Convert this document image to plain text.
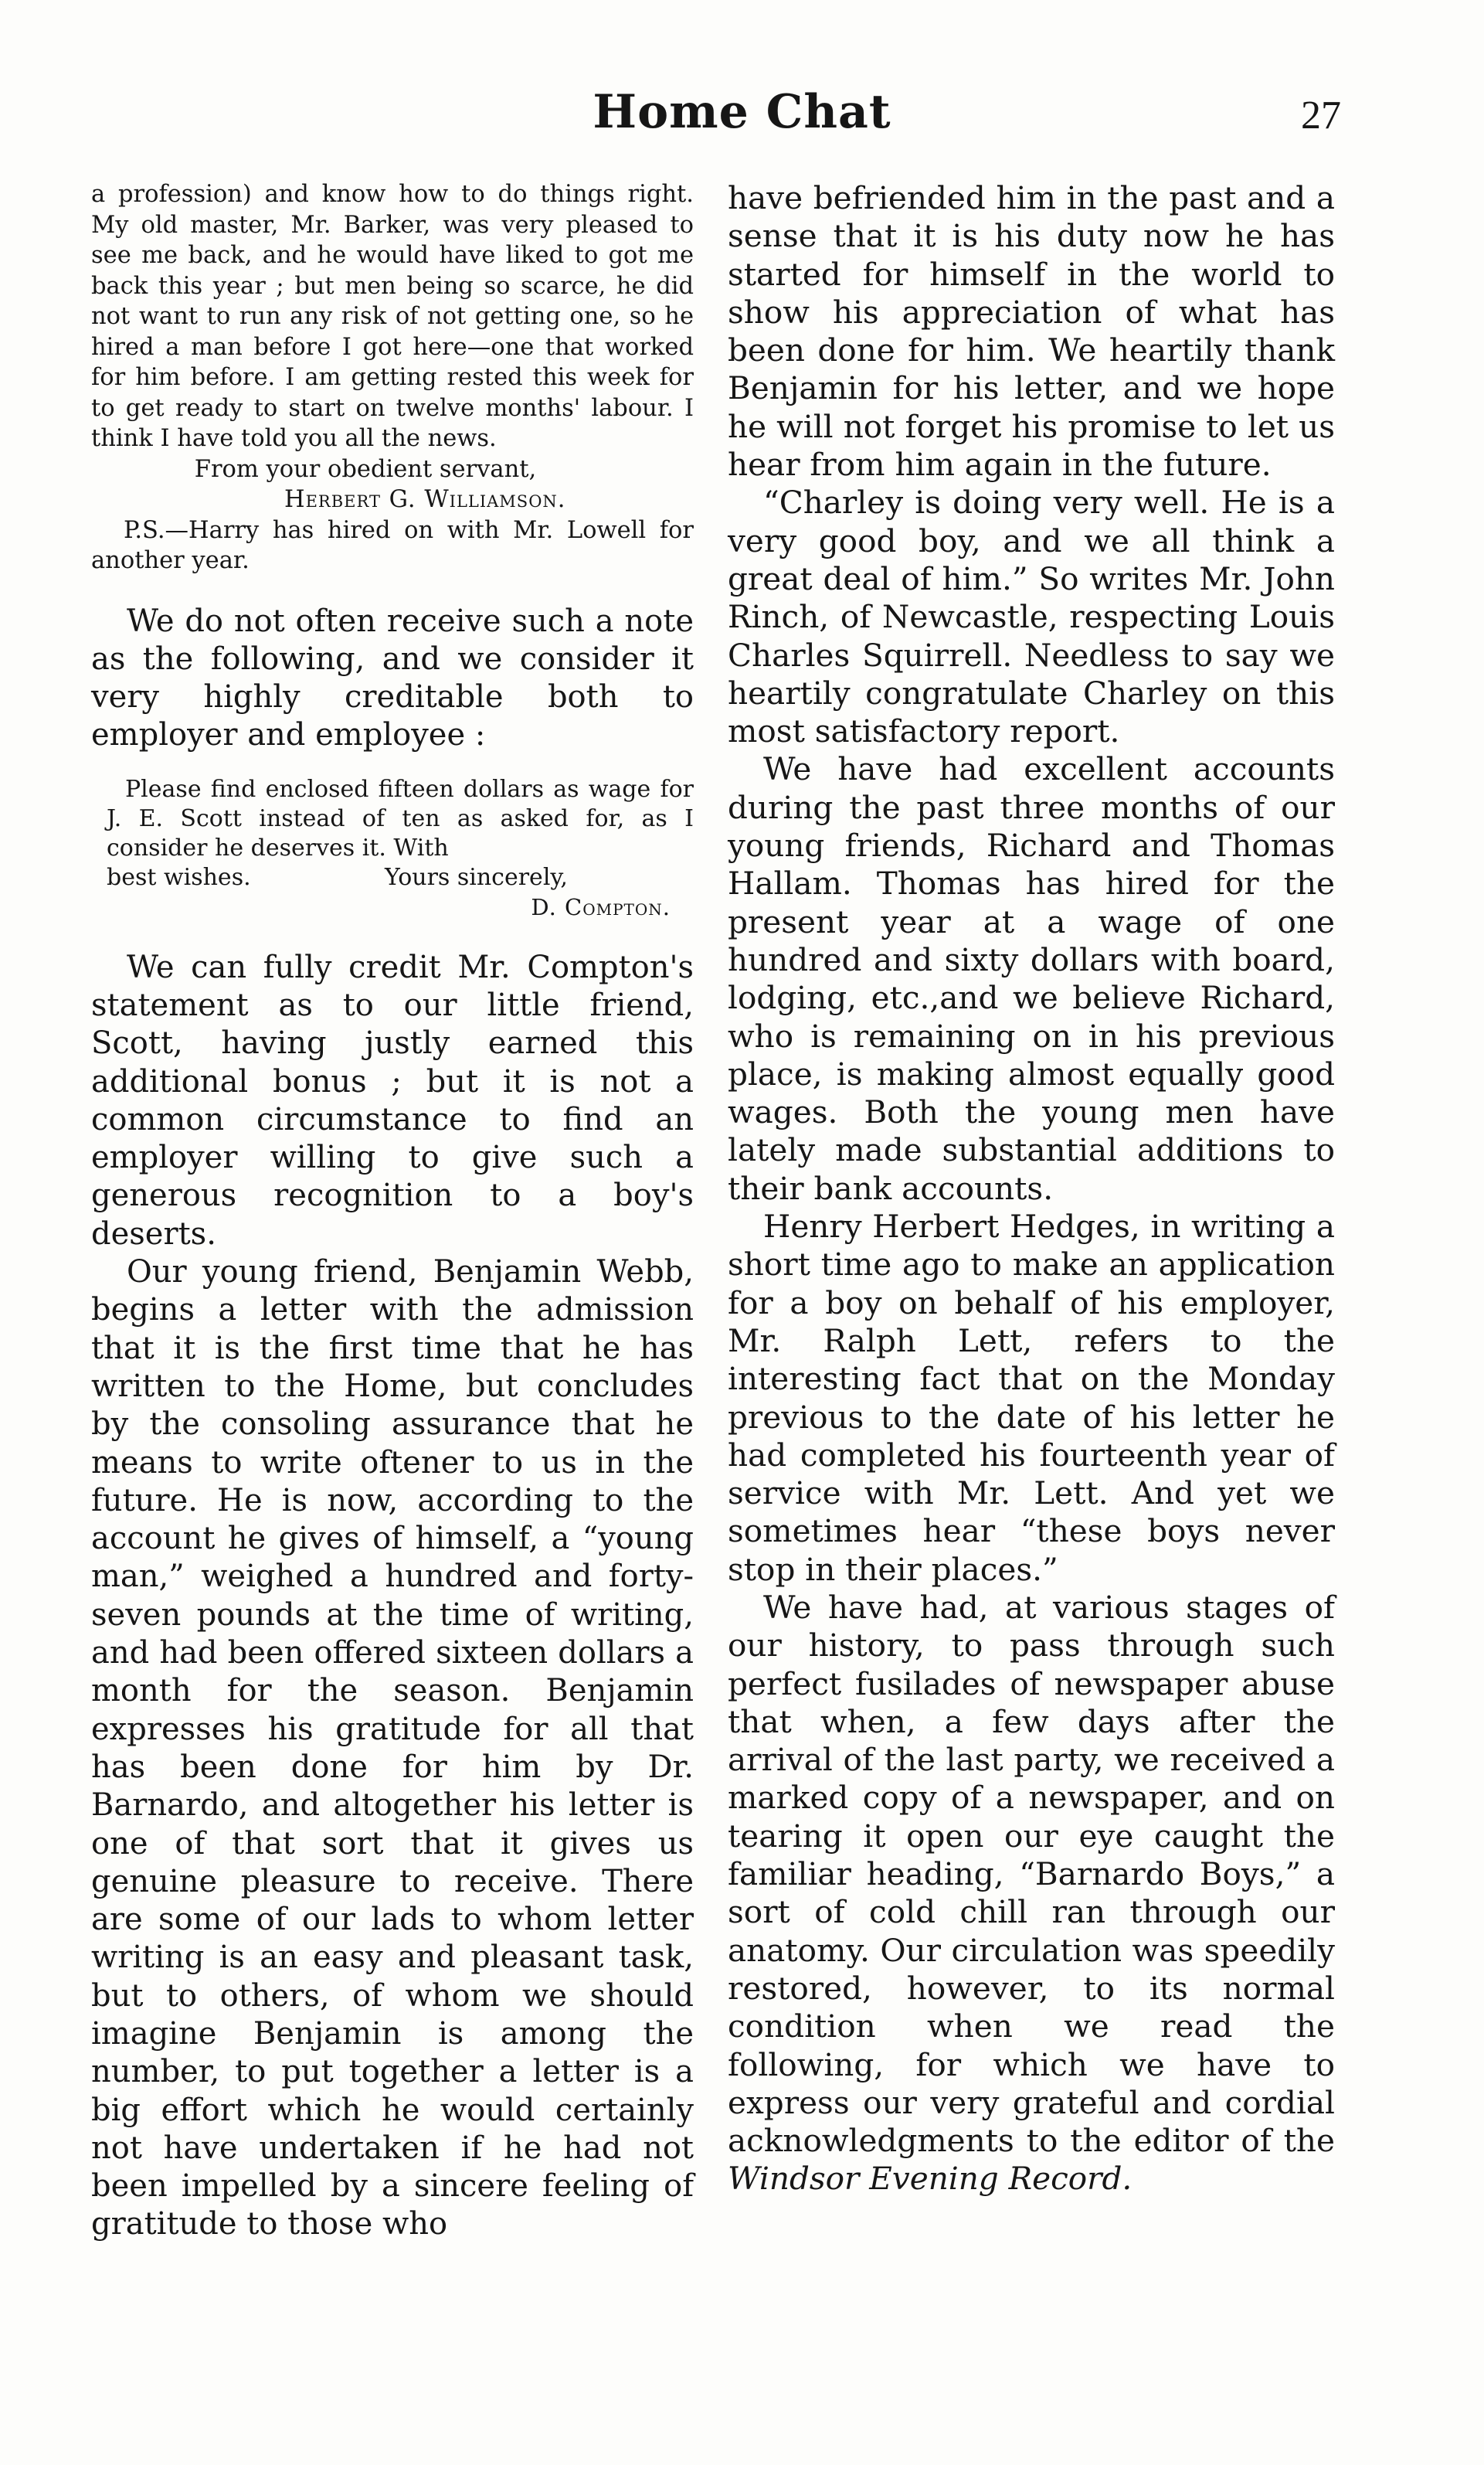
Home Chat	27

a profession) and know how to do things right. My old master, Mr. Barker, was very pleased to see me back, and he would have liked to got me back this year ; but men being so scarce, he did not want to run any risk of not getting one, so he hired a man before I got here—one that worked for him before. I am getting rested this week for to get ready to start on twelve months' labour. I think I have told you all the news.

From your obedient servant,

Herbert G. Williamson.

P.S.—Harry has hired on with Mr. Lowell for another year.

We do not often receive such a note as the following, and we consider it very highly creditable both to employer and employee :

Please find enclosed fifteen dollars as wage for J. E. Scott instead of ten as asked for, as I consider he deserves it. With

best wishes.	Yours sincerely,

D. Compton.

We can fully credit Mr. Compton's statement as to our little friend, Scott, having justly earned this additional bonus ; but it is not a common circumstance to find an employer willing to give such a generous recognition to a boy's deserts.

Our young friend, Benjamin Webb, begins a letter with the admission that it is the first time that he has written to the Home, but concludes by the consoling assurance that he means to write oftener to us in the future. He is now, according to the account he gives of himself, a “young man,” weighed a hundred and forty-seven pounds at the time of writing, and had been offered sixteen dollars a month for the season. Benjamin expresses his gratitude for all that has been done for him by Dr. Barnardo, and altogether his letter is one of that sort that it gives us genuine pleasure to receive. There are some of our lads to whom letter writing is an easy and pleasant task, but to others, of whom we should imagine Benjamin is among the number, to put together a letter is a big effort which he would certainly not have undertaken if he had not been impelled by a sincere feeling of gratitude to those who

have befriended him in the past and a sense that it is his duty now he has started for himself in the world to show his appreciation of what has been done for him. We heartily thank Benjamin for his letter, and we hope he will not forget his promise to let us hear from him again in the future.

“Charley is doing very well. He is a very good boy, and we all think a great deal of him.” So writes Mr. John Rinch, of Newcastle, respecting Louis Charles Squirrell. Needless to say we heartily congratulate Charley on this most satisfactory report.

We have had excellent accounts during the past three months of our young friends, Richard and Thomas Hallam. Thomas has hired for the present year at a wage of one hundred and sixty dollars with board, lodging, etc.,and we believe Richard, who is remaining on in his previous place, is making almost equally good wages. Both the young men have lately made substantial additions to their bank accounts.

Henry Herbert Hedges, in writing a short time ago to make an application for a boy on behalf of his employer, Mr. Ralph Lett, refers to the interesting fact that on the Monday previous to the date of his letter he had completed his fourteenth year of service with Mr. Lett. And yet we sometimes hear “these boys never stop in their places.”

We have had, at various stages of our history, to pass through such perfect fusilades of newspaper abuse that when, a few days after the arrival of the last party, we received a marked copy of a newspaper, and on tearing it open our eye caught the familiar heading, “Barnardo Boys,” a sort of cold chill ran through our anatomy. Our circulation was speedily restored, however, to its normal condition when we read the following, for which we have to express our very grateful and cordial acknowledgments to the editor of the Windsor Evening Record.
